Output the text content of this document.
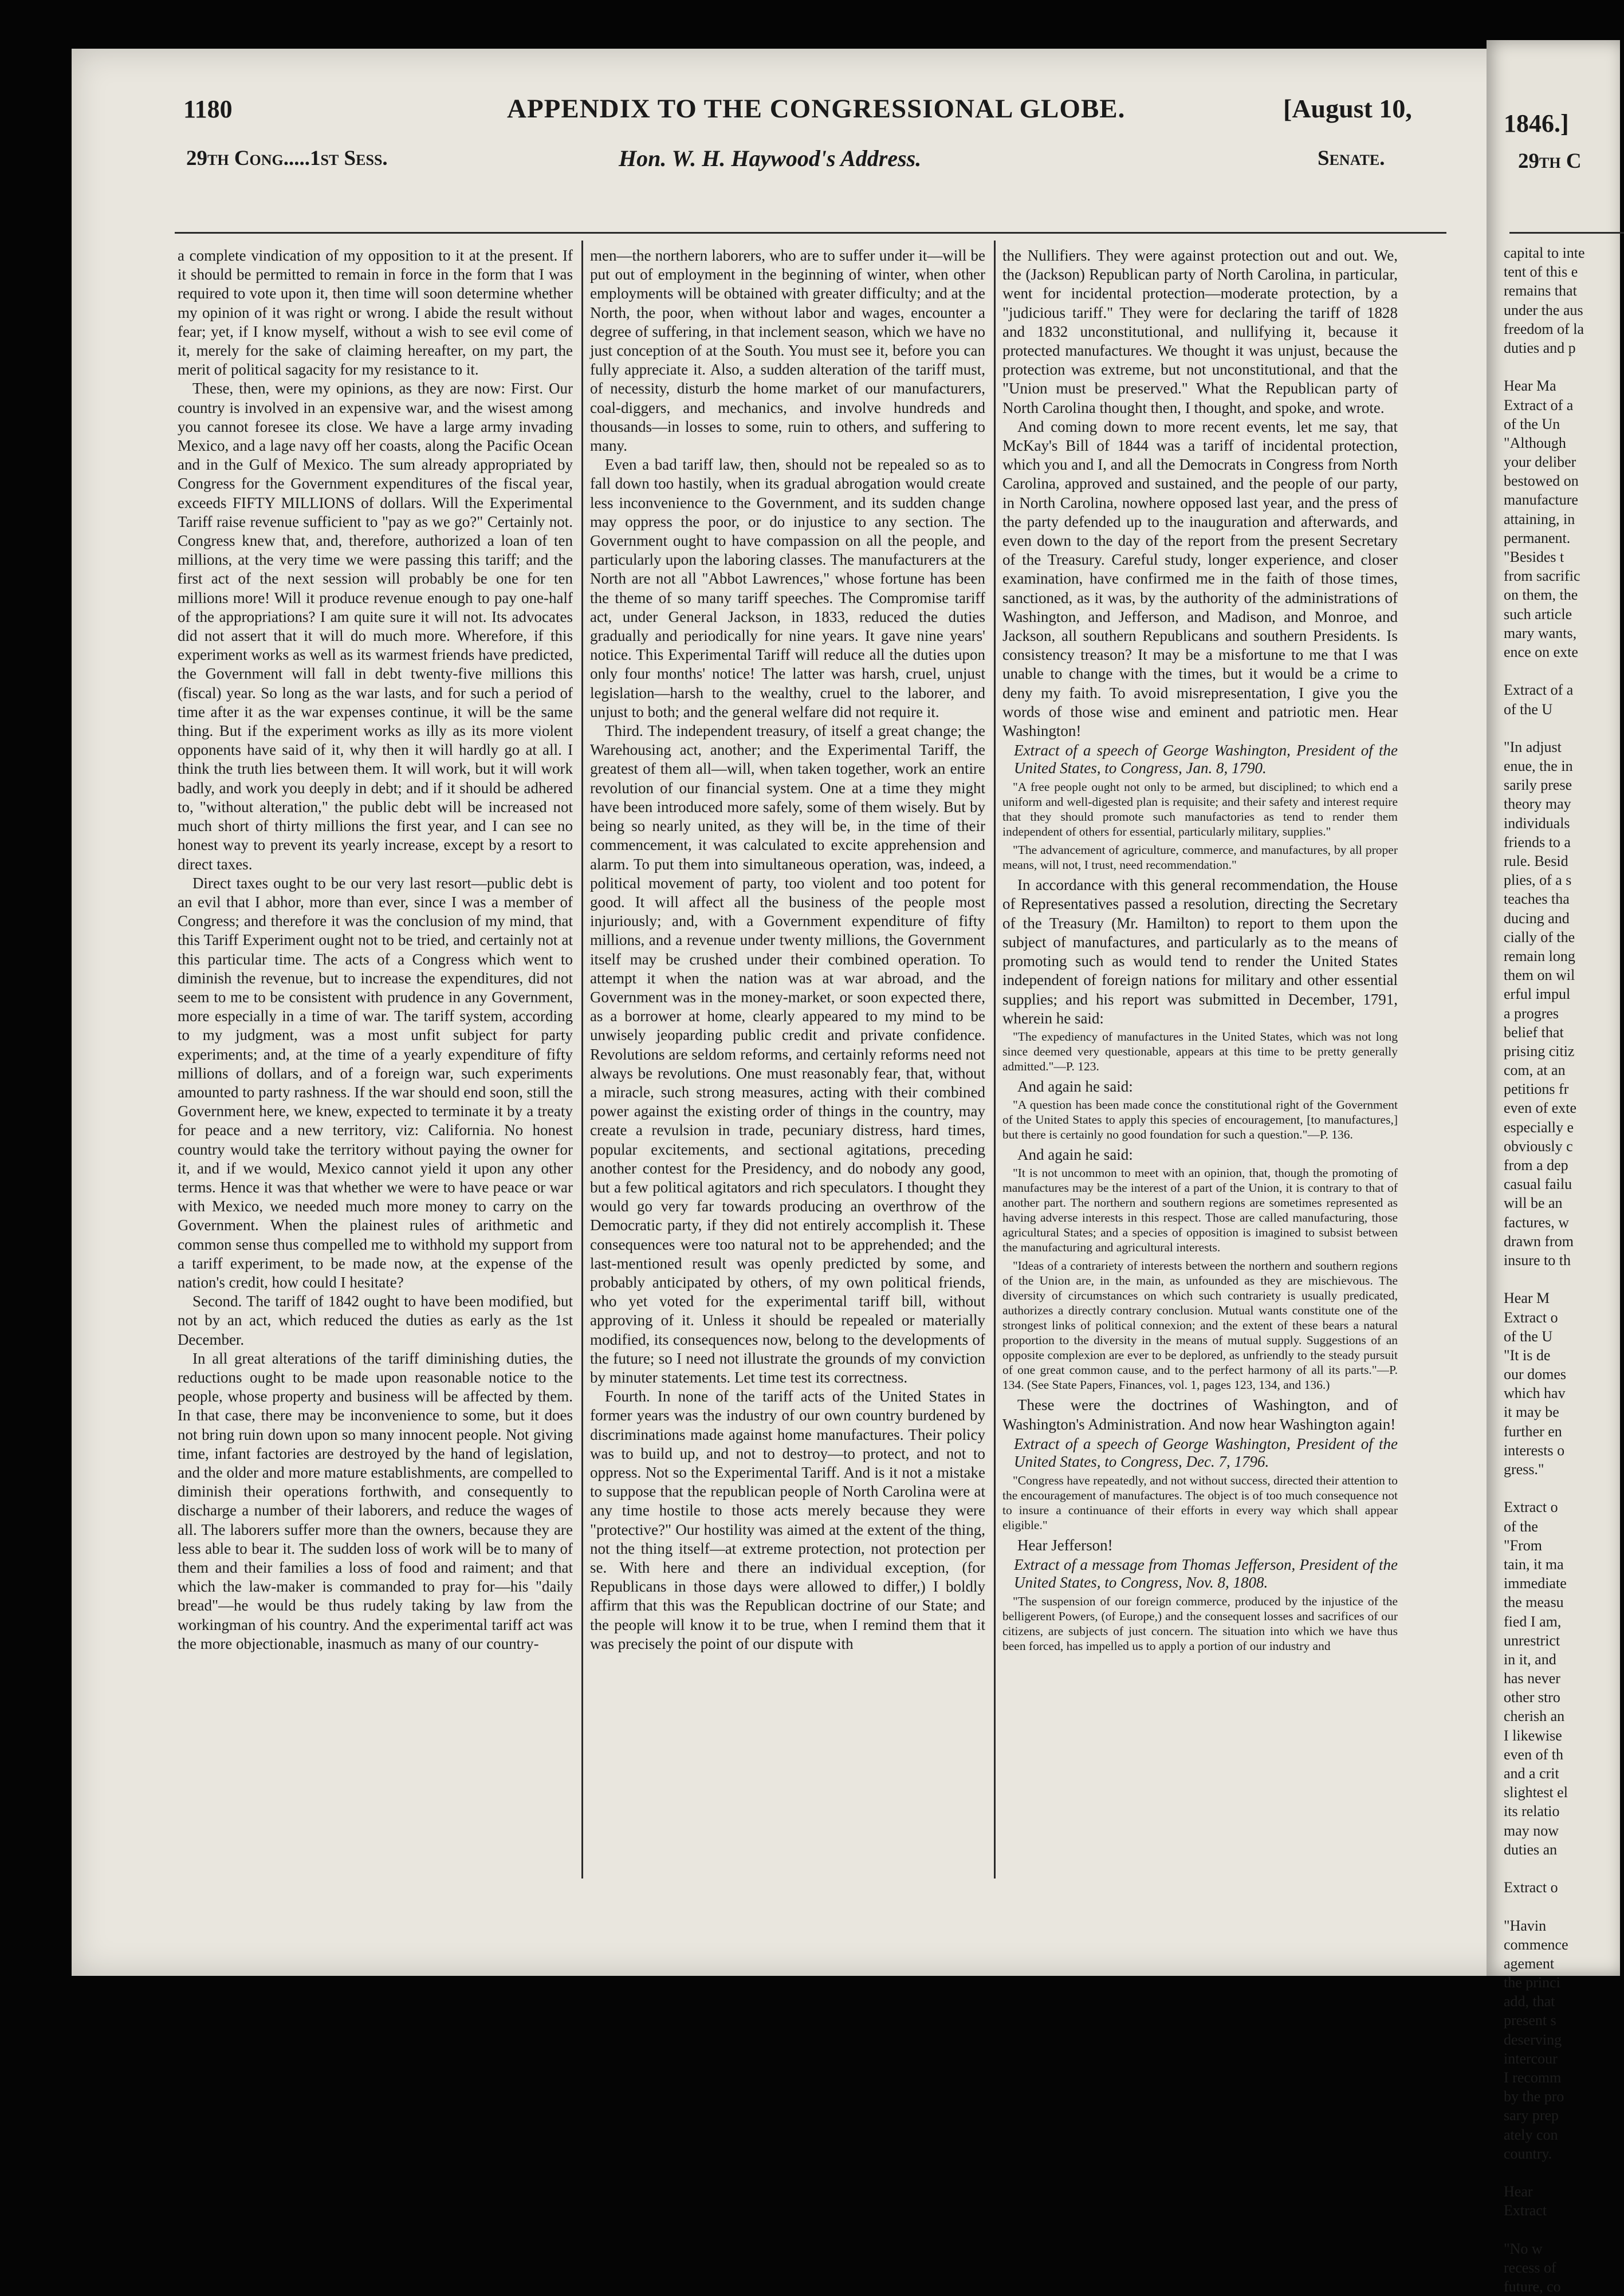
1180	APPENDIX TO THE CONGRESSIONAL GLOBE.	[August 10,
29th Cong.....1st Sess.	Hon. W. H. Haywood's Address.	Senate.

a complete vindication of my opposition to it at the present. If it should be permitted to remain in force in the form that I was required to vote upon it, then time will soon determine whether my opinion of it was right or wrong. I abide the result without fear; yet, if I know myself, without a wish to see evil come of it, merely for the sake of claiming hereafter, on my part, the merit of political sagacity for my resistance to it.

These, then, were my opinions, as they are now: First. Our country is involved in an expensive war, and the wisest among you cannot foresee its close. We have a large army invading Mexico, and a lage navy off her coasts, along the Pacific Ocean and in the Gulf of Mexico. The sum already appropriated by Congress for the Government expenditures of the fiscal year, exceeds FIFTY MILLIONS of dollars. Will the Experimental Tariff raise revenue sufficient to "pay as we go?" Certainly not. Congress knew that, and, therefore, authorized a loan of ten millions, at the very time we were passing this tariff; and the first act of the next session will probably be one for ten millions more! Will it produce revenue enough to pay one-half of the appropriations? I am quite sure it will not. Its advocates did not assert that it will do much more. Wherefore, if this experiment works as well as its warmest friends have predicted, the Government will fall in debt twenty-five millions this (fiscal) year. So long as the war lasts, and for such a period of time after it as the war expenses continue, it will be the same thing. But if the experiment works as illy as its more violent opponents have said of it, why then it will hardly go at all. I think the truth lies between them. It will work, but it will work badly, and work you deeply in debt; and if it should be adhered to, "without alteration," the public debt will be increased not much short of thirty millions the first year, and I can see no honest way to prevent its yearly increase, except by a resort to direct taxes.

Direct taxes ought to be our very last resort—public debt is an evil that I abhor, more than ever, since I was a member of Congress; and therefore it was the conclusion of my mind, that this Tariff Experiment ought not to be tried, and certainly not at this particular time. The acts of a Congress which went to diminish the revenue, but to increase the expenditures, did not seem to me to be consistent with prudence in any Government, more especially in a time of war. The tariff system, according to my judgment, was a most unfit subject for party experiments; and, at the time of a yearly expenditure of fifty millions of dollars, and of a foreign war, such experiments amounted to party rashness. If the war should end soon, still the Government here, we knew, expected to terminate it by a treaty for peace and a new territory, viz: California. No honest country would take the territory without paying the owner for it, and if we would, Mexico cannot yield it upon any other terms. Hence it was that whether we were to have peace or war with Mexico, we needed much more money to carry on the Government. When the plainest rules of arithmetic and common sense thus compelled me to withhold my support from a tariff experiment, to be made now, at the expense of the nation's credit, how could I hesitate?

Second. The tariff of 1842 ought to have been modified, but not by an act, which reduced the duties as early as the 1st December.

In all great alterations of the tariff diminishing duties, the reductions ought to be made upon reasonable notice to the people, whose property and business will be affected by them. In that case, there may be inconvenience to some, but it does not bring ruin down upon so many innocent people. Not giving time, infant factories are destroyed by the hand of legislation, and the older and more mature establishments, are compelled to diminish their operations forthwith, and consequently to discharge a number of their laborers, and reduce the wages of all. The laborers suffer more than the owners, because they are less able to bear it. The sudden loss of work will be to many of them and their families a loss of food and raiment; and that which the law-maker is commanded to pray for—his "daily bread"—he would be thus rudely taking by law from the workingman of his country. And the experimental tariff act was the more objectionable, inasmuch as many of our country-

men—the northern laborers, who are to suffer under it—will be put out of employment in the beginning of winter, when other employments will be obtained with greater difficulty; and at the North, the poor, when without labor and wages, encounter a degree of suffering, in that inclement season, which we have no just conception of at the South. You must see it, before you can fully appreciate it. Also, a sudden alteration of the tariff must, of necessity, disturb the home market of our manufacturers, coal-diggers, and mechanics, and involve hundreds and thousands—in losses to some, ruin to others, and suffering to many.

Even a bad tariff law, then, should not be repealed so as to fall down too hastily, when its gradual abrogation would create less inconvenience to the Government, and its sudden change may oppress the poor, or do injustice to any section. The Government ought to have compassion on all the people, and particularly upon the laboring classes. The manufacturers at the North are not all "Abbot Lawrences," whose fortune has been the theme of so many tariff speeches. The Compromise tariff act, under General Jackson, in 1833, reduced the duties gradually and periodically for nine years. It gave nine years' notice. This Experimental Tariff will reduce all the duties upon only four months' notice! The latter was harsh, cruel, unjust legislation—harsh to the wealthy, cruel to the laborer, and unjust to both; and the general welfare did not require it.

Third. The independent treasury, of itself a great change; the Warehousing act, another; and the Experimental Tariff, the greatest of them all—will, when taken together, work an entire revolution of our financial system. One at a time they might have been introduced more safely, some of them wisely. But by being so nearly united, as they will be, in the time of their commencement, it was calculated to excite apprehension and alarm. To put them into simultaneous operation, was, indeed, a political movement of party, too violent and too potent for good. It will affect all the business of the people most injuriously; and, with a Government expenditure of fifty millions, and a revenue under twenty millions, the Government itself may be crushed under their combined operation. To attempt it when the nation was at war abroad, and the Government was in the money-market, or soon expected there, as a borrower at home, clearly appeared to my mind to be unwisely jeoparding public credit and private confidence. Revolutions are seldom reforms, and certainly reforms need not always be revolutions. One must reasonably fear, that, without a miracle, such strong measures, acting with their combined power against the existing order of things in the country, may create a revulsion in trade, pecuniary distress, hard times, popular excitements, and sectional agitations, preceding another contest for the Presidency, and do nobody any good, but a few political agitators and rich speculators. I thought they would go very far towards producing an overthrow of the Democratic party, if they did not entirely accomplish it. These consequences were too natural not to be apprehended; and the last-mentioned result was openly predicted by some, and probably anticipated by others, of my own political friends, who yet voted for the experimental tariff bill, without approving of it. Unless it should be repealed or materially modified, its consequences now, belong to the developments of the future; so I need not illustrate the grounds of my conviction by minuter statements. Let time test its correctness.

Fourth. In none of the tariff acts of the United States in former years was the industry of our own country burdened by discriminations made against home manufactures. Their policy was to build up, and not to destroy—to protect, and not to oppress. Not so the Experimental Tariff. And is it not a mistake to suppose that the republican people of North Carolina were at any time hostile to those acts merely because they were "protective?" Our hostility was aimed at the extent of the thing, not the thing itself—at extreme protection, not protection per se. With here and there an individual exception, (for Republicans in those days were allowed to differ,) I boldly affirm that this was the Republican doctrine of our State; and the people will know it to be true, when I remind them that it was precisely the point of our dispute with

the Nullifiers. They were against protection out and out. We, the (Jackson) Republican party of North Carolina, in particular, went for incidental protection—moderate protection, by a "judicious tariff." They were for declaring the tariff of 1828 and 1832 unconstitutional, and nullifying it, because it protected manufactures. We thought it was unjust, because the protection was extreme, but not unconstitutional, and that the "Union must be preserved." What the Republican party of North Carolina thought then, I thought, and spoke, and wrote.

And coming down to more recent events, let me say, that McKay's Bill of 1844 was a tariff of incidental protection, which you and I, and all the Democrats in Congress from North Carolina, approved and sustained, and the people of our party, in North Carolina, nowhere opposed last year, and the press of the party defended up to the inauguration and afterwards, and even down to the day of the report from the present Secretary of the Treasury. Careful study, longer experience, and closer examination, have confirmed me in the faith of those times, sanctioned, as it was, by the authority of the administrations of Washington, and Jefferson, and Madison, and Monroe, and Jackson, all southern Republicans and southern Presidents. Is consistency treason? It may be a misfortune to me that I was unable to change with the times, but it would be a crime to deny my faith. To avoid misrepresentation, I give you the words of those wise and eminent and patriotic men. Hear Washington!

Extract of a speech of George Washington, President of the United States, to Congress, Jan. 8, 1790.

"A free people ought not only to be armed, but disciplined; to which end a uniform and well-digested plan is requisite; and their safety and interest require that they should promote such manufactories as tend to render them independent of others for essential, particularly military, supplies."

"The advancement of agriculture, commerce, and manufactures, by all proper means, will not, I trust, need recommendation."

In accordance with this general recommendation, the House of Representatives passed a resolution, directing the Secretary of the Treasury (Mr. Hamilton) to report to them upon the subject of manufactures, and particularly as to the means of promoting such as would tend to render the United States independent of foreign nations for military and other essential supplies; and his report was submitted in December, 1791, wherein he said:

"The expediency of manufactures in the United States, which was not long since deemed very questionable, appears at this time to be pretty generally admitted."—P. 123.

And again he said:

"A question has been made conce the constitutional right of the Government of the United States to apply this species of encouragement, [to manufactures,] but there is certainly no good foundation for such a question."—P. 136.

And again he said:

"It is not uncommon to meet with an opinion, that, though the promoting of manufactures may be the interest of a part of the Union, it is contrary to that of another part. The northern and southern regions are sometimes represented as having adverse interests in this respect. Those are called manufacturing, those agricultural States; and a species of opposition is imagined to subsist between the manufacturing and agricultural interests.

"Ideas of a contrariety of interests between the northern and southern regions of the Union are, in the main, as unfounded as they are mischievous. The diversity of circumstances on which such contrariety is usually predicated, authorizes a directly contrary conclusion. Mutual wants constitute one of the strongest links of political connexion; and the extent of these bears a natural proportion to the diversity in the means of mutual supply. Suggestions of an opposite complexion are ever to be deplored, as unfriendly to the steady pursuit of one great common cause, and to the perfect harmony of all its parts."—P. 134. (See State Papers, Finances, vol. 1, pages 123, 134, and 136.)

These were the doctrines of Washington, and of Washington's Administration. And now hear Washington again!

Extract of a speech of George Washington, President of the United States, to Congress, Dec. 7, 1796.

"Congress have repeatedly, and not without success, directed their attention to the encouragement of manufactures. The object is of too much consequence not to insure a continuance of their efforts in every way which shall appear eligible."

Hear Jefferson!

Extract of a message from Thomas Jefferson, President of the United States, to Congress, Nov. 8, 1808.

"The suspension of our foreign commerce, produced by the injustice of the belligerent Powers, (of Europe,) and the consequent losses and sacrifices of our citizens, are subjects of just concern. The situation into which we have thus been forced, has impelled us to apply a portion of our industry and

1846.]
29th C
capital to inte
tent of this e
remains that
under the aus
freedom of la
duties and p
Hear Ma
Extract of a
of the Un
"Although
your deliber
bestowed on
manufacture
attaining, in
permanent.
"Besides t
from sacrific
on them, the
such article
mary wants,
ence on exte
Extract of a
of the U
"In adjust
enue, the in
sarily prese
theory may
individuals
friends to a
rule. Besid
plies, of a s
teaches tha
ducing and
cially of the
remain long
them on wil
erful impul
a progres
belief that
prising citiz
com, at an
petitions fr
even of exte
especially e
obviously c
from a dep
casual failu
will be an
factures, w
drawn from
insure to th
Hear M
Extract o
of the U
"It is de
our domes
which hav
it may be
further en
interests o
gress."
Extract o
of the
"From
tain, it ma
immediate
the measu
fied I am,
unrestrict
in it, and
has never
other stro
cherish an
I likewise
even of th
and a crit
slightest el
its relatio
may now
duties an
Extract o
"Havin
commence
agement
the princi
add, that
present s
deserving
intercour
I recomm
by the pro
sary prep
ately con
country.
Hear
Extract
"No w
recess of
future, co
